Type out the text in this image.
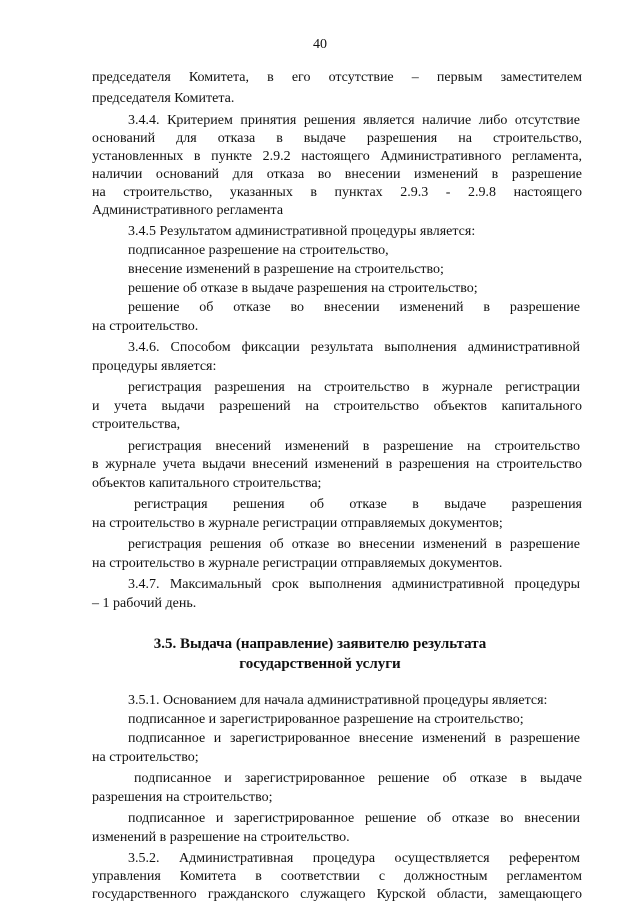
40
председателя Комитета, в его отсутствие – первым заместителем
председателя Комитета.
3.4.4. Критерием принятия решения является наличие либо отсутствие
оснований для отказа в выдаче разрешения на строительство,
установленных в пункте 2.9.2 настоящего Административного регламента,
наличии оснований для отказа во внесении изменений в разрешение
на строительство, указанных в пунктах 2.9.3 - 2.9.8 настоящего
Административного регламента
3.4.5 Результатом административной процедуры является:
подписанное разрешение на строительство,
внесение изменений в разрешение на строительство;
решение об отказе в выдаче разрешения на строительство;
решение об отказе во внесении изменений в разрешение
на строительство.
3.4.6. Способом фиксации результата выполнения административной
процедуры является:
регистрация разрешения на строительство в журнале регистрации
и учета выдачи разрешений на строительство объектов капитального
строительства,
регистрация внесений изменений в разрешение на строительство
в журнале учета выдачи внесений изменений в разрешения на строительство
объектов капитального строительства;
регистрация решения об отказе в выдаче разрешения
на строительство в журнале регистрации отправляемых документов;
регистрация решения об отказе во внесении изменений в разрешение
на строительство в журнале регистрации отправляемых документов.
3.4.7. Максимальный срок выполнения административной процедуры
– 1 рабочий день.
3.5. Выдача (направление) заявителю результата
государственной услуги
3.5.1. Основанием для начала административной процедуры является:
подписанное и зарегистрированное разрешение на строительство;
подписанное и зарегистрированное внесение изменений в разрешение
на строительство;
подписанное и зарегистрированное решение об отказе в выдаче
разрешения на строительство;
подписанное и зарегистрированное решение об отказе во внесении
изменений в разрешение на строительство.
3.5.2. Административная процедура осуществляется референтом
управления Комитета в соответствии с должностным регламентом
государственного гражданского служащего Курской области, замещающего
